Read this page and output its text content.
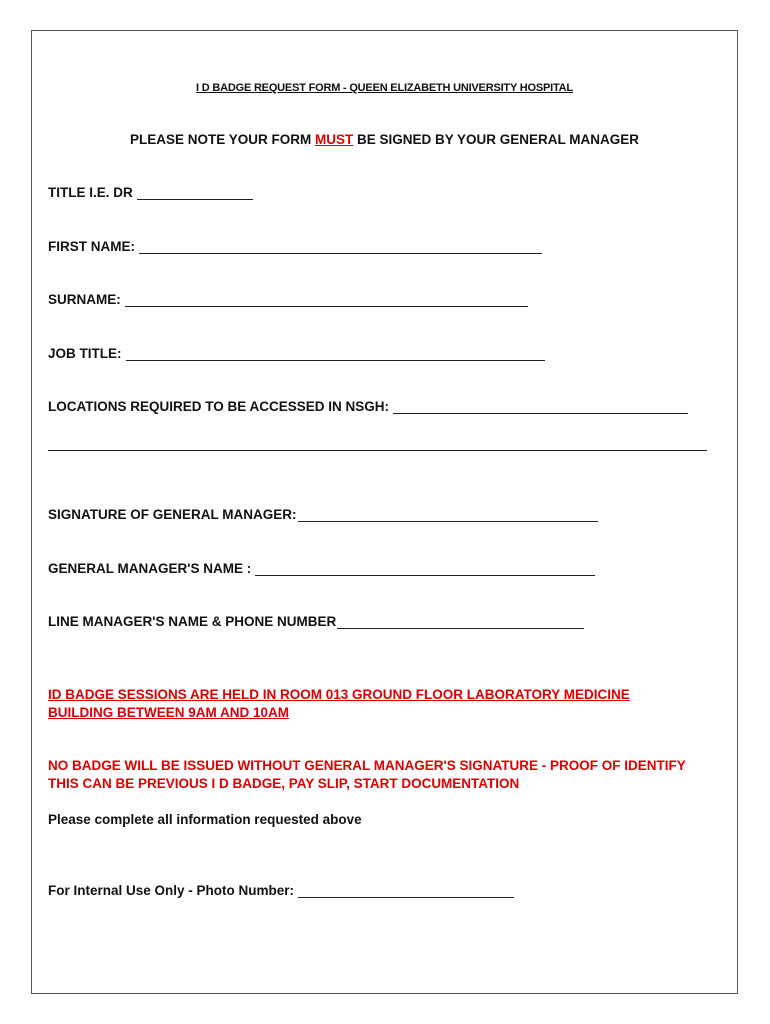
I D BADGE REQUEST FORM - QUEEN ELIZABETH UNIVERSITY HOSPITAL
PLEASE NOTE YOUR FORM MUST BE SIGNED BY YOUR GENERAL MANAGER
TITLE I.E. DR
FIRST NAME:
SURNAME:
JOB TITLE:
LOCATIONS REQUIRED TO BE ACCESSED IN NSGH:
SIGNATURE OF GENERAL MANAGER:
GENERAL MANAGER'S NAME :
LINE MANAGER'S NAME & PHONE NUMBER
ID BADGE SESSIONS ARE HELD IN ROOM 013 GROUND FLOOR LABORATORY MEDICINE BUILDING BETWEEN 9AM AND 10AM
NO BADGE WILL BE ISSUED WITHOUT GENERAL MANAGER'S SIGNATURE - PROOF OF IDENTIFY THIS CAN BE PREVIOUS I D BADGE, PAY SLIP, START DOCUMENTATION
Please complete all information requested above
For Internal Use Only - Photo Number:
